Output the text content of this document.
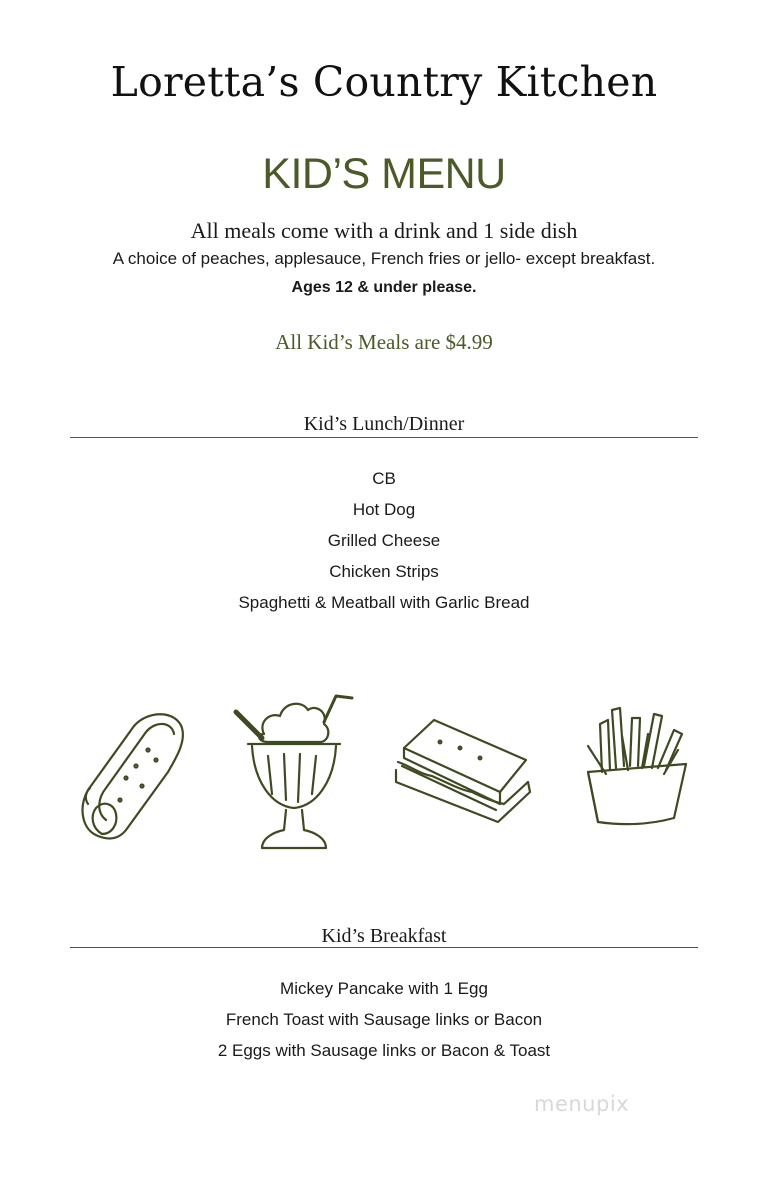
Loretta’s Country Kitchen
KID’S MENU
All meals come with a drink and 1 side dish
A choice of peaches, applesauce, French fries or jello- except breakfast.
Ages 12 & under please.
All Kid’s Meals are $4.99
Kid’s Lunch/Dinner
CB
Hot Dog
Grilled Cheese
Chicken Strips
Spaghetti & Meatball with Garlic Bread
Kid’s Breakfast
Mickey Pancake with 1 Egg
French Toast with Sausage links or Bacon
2 Eggs with Sausage links or Bacon & Toast
menupix
